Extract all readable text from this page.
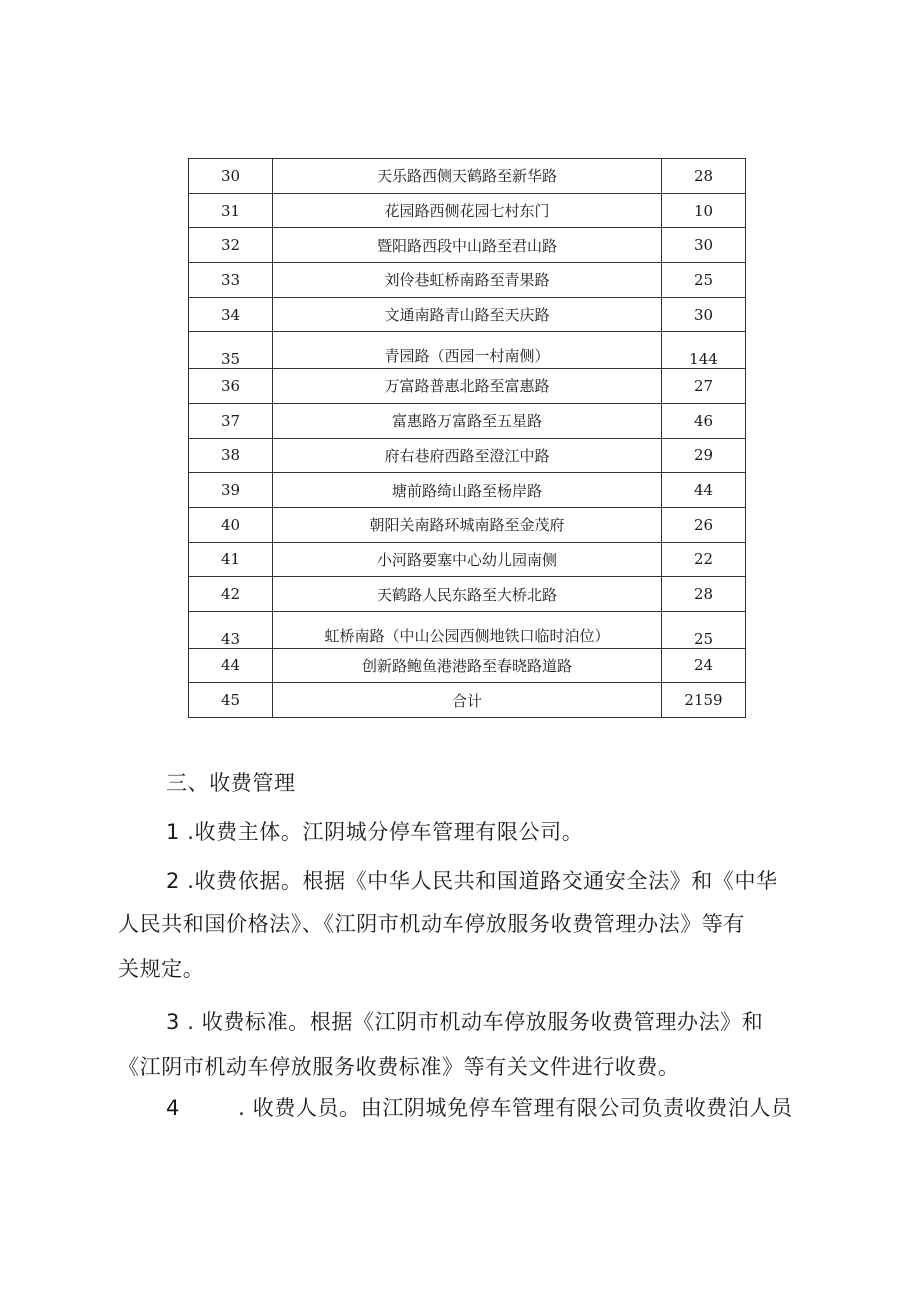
30	天乐路西侧天鹤路至新华路	28
31	花园路西侧花园七村东门	10
32	暨阳路西段中山路至君山路	30
33	刘伶巷虹桥南路至青果路	25
34	文通南路青山路至天庆路	30
35	青园路（西园一村南侧）	144
36	万富路普惠北路至富惠路	27
37	富惠路万富路至五星路	46
38	府右巷府西路至澄江中路	29
39	塘前路绮山路至杨岸路	44
40	朝阳关南路环城南路至金茂府	26
41	小河路要塞中心幼儿园南侧	22
42	天鹤路人民东路至大桥北路	28
43	虹桥南路（中山公园西侧地铁口临时泊位）	25
44	创新路鲍鱼港港路至春晓路道路	24
45	合计	2159
三、收费管理
1 .收费主体。江阴城分停车管理有限公司。
2 .收费依据。根据《中华人民共和国道路交通安全法》和《中华
人民共和国价格法》、《江阴市机动车停放服务收费管理办法》等有
关规定。
3 . 收费标准。根据《江阴市机动车停放服务收费管理办法》和
《江阴市机动车停放服务收费标准》等有关文件进行收费。
4        . 收费人员。由江阴城免停车管理有限公司负责收费泊人员
